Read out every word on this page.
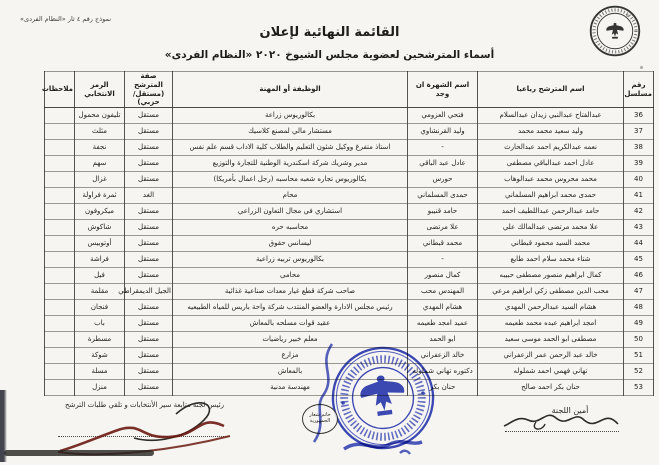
نموذج رقم ٤ ثار «النظام الفردى»
القائمة النهائية لإعلان
أسماء المترشحين لعضوية مجلس الشيوخ ٢٠٢٠ «النظام الفردى»
رقم مسلسل	اسم المترشح رباعيا	اسم الشهرة ان وجد	الوظيفة أو المهنة	صفة المترشح (مستقل/حزبي)	الرمز الانتخابي	ملاحظات
36	عبدالفتاح عبدالنبي زيدان عبدالسلام	فتحي العزومي	بكالوريوس زراعة	مستقل	تليفون محمول	
37	وليد سعيد محمد محمد	وليد القرنشاوي	مستشار مالي لمصنع كلاسيك	مستقل	مثلث	
38	نعمه عبدالكريم احمد عبدالحارث	-	استاذ متفرغ ووكيل شئون التعليم والطلاب كلية الاداب قسم علم نفس	مستقل	نجفة	
39	عادل احمد عبدالباقي مصطفى	عادل عبد الباقي	مدير وشريك شركة اسكندرية الوطنية للتجارة والتوزيع	مستقل	سهم	
40	محمد محروس محمد عبدالوهاب	حورس	بكالوريوس تجاره شعبه محاسبه (رجل اعمال بأمريكا)	مستقل	غزال	
41	حمدى محمد ابراهيم المسلماني	حمدى المسلماني	محام	الغد	ثمرة فراولة	
42	حامد عبدالرحمن عبداللطيف احمد	حامد قنيبو	استشاري في مجال التعاون الزراعي	مستقل	ميكروفون	
43	علا محمد مرتضى عبدالمالك علي	علا مرتضى	محاسبه حره	مستقل	شاكوش	
44	محمد السيد محمود قبطاني	محمد قبطاني	ليسانس حقوق	مستقل	أوتوبيس	
45	شتاء محمد سلام احمد طايع	-	بكالوريوس تربيه زراعية	مستقل	فراشة	
46	كمال ابراهيم منصور مصطفى حبيبه	كمال منصور	محامى	مستقل	فيل	
47	محب الدين مصطفى زكي ابراهيم مرعي	المهندس محب	صاحب شركة قطع غيار معدات صناعية غذائية	الجيل الديمقراطي	مقلمة	
48	هشام السيد عبدالرحمن المهدي	هشام المهدي	رئيس مجلس الادارة والعضو المنتدب شركة واحة باريس للمياه الطبيعيه	مستقل	فنجان	
49	امجد ابراهيم عبده محمد طعيمه	عميد امجد طعيمه	عقيد قوات مسلحه بالمعاش	مستقل	باب	
50	مصطفى ابو الحمد موسى سعيد	ابو الحمد	معلم خبير رياضيات	مستقل	مسطرة	
51	خالد عبد الرحمن عمر الزعفراني	خالد الزعفراني	مزارع	مستقل	شوكة	
52	تهاني فهمي احمد شملوله	دكتوره تهاني شملوله	بالمعاش	مستقل	مسلة	
53	حنان بكر احمد صالح	حنان بكر	مهندسة مدنية	مستقل	منزل	
رئيس لجنة متابعة سير الأنتخابات و تلقي طلبات الترشح
أمين اللجنة
خاتم شعار الجمهورية
